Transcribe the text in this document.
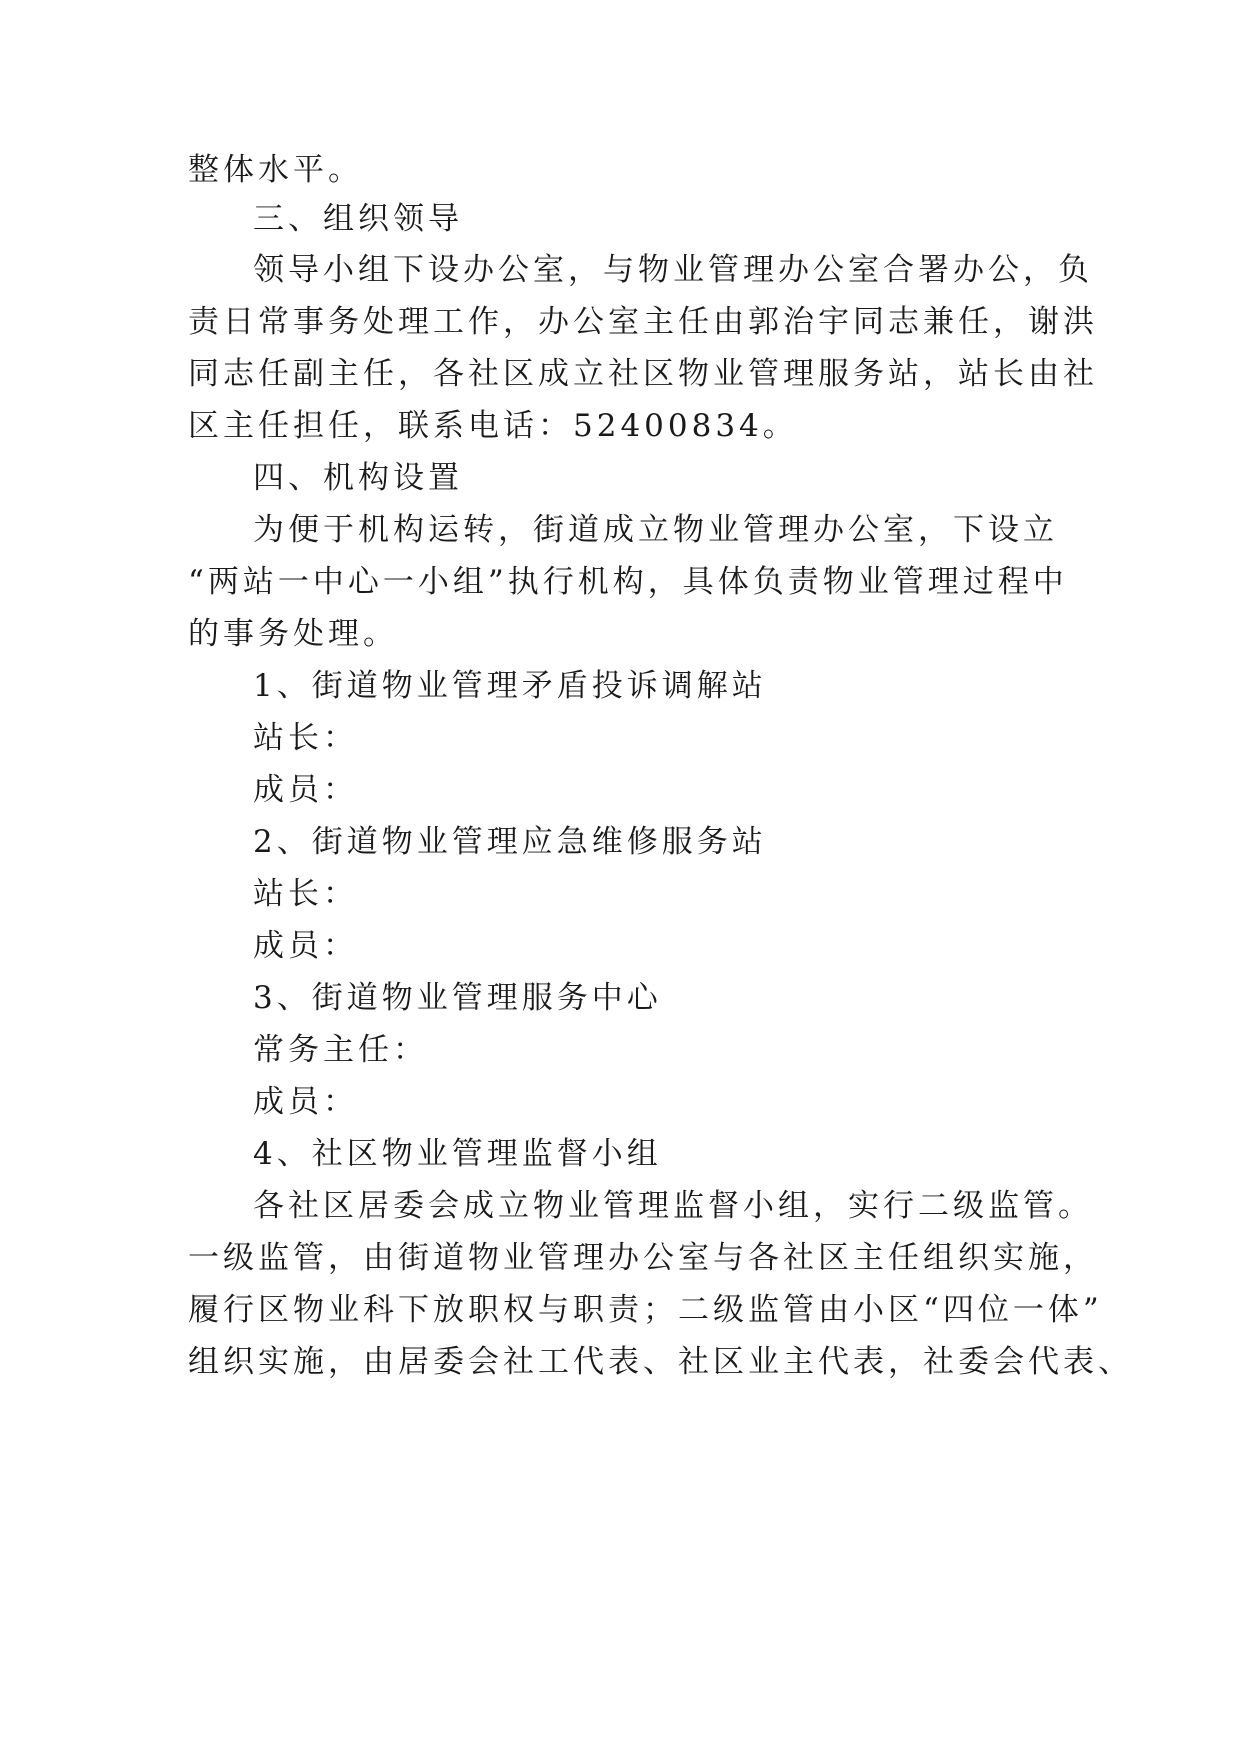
整体水平。
三、组织领导
领导小组下设办公室，与物业管理办公室合署办公，负
责日常事务处理工作，办公室主任由郭治宇同志兼任，谢洪
同志任副主任，各社区成立社区物业管理服务站，站长由社
区主任担任，联系电话：52400834。
四、机构设置
为便于机构运转，街道成立物业管理办公室，下设立
“两站一中心一小组”执行机构，具体负责物业管理过程中
的事务处理。
1、街道物业管理矛盾投诉调解站
站长：
成员：
2、街道物业管理应急维修服务站
站长：
成员：
3、街道物业管理服务中心
常务主任：
成员：
4、社区物业管理监督小组
各社区居委会成立物业管理监督小组，实行二级监管。
一级监管，由街道物业管理办公室与各社区主任组织实施，
履行区物业科下放职权与职责；二级监管由小区“四位一体”
组织实施，由居委会社工代表、社区业主代表，社委会代表、
